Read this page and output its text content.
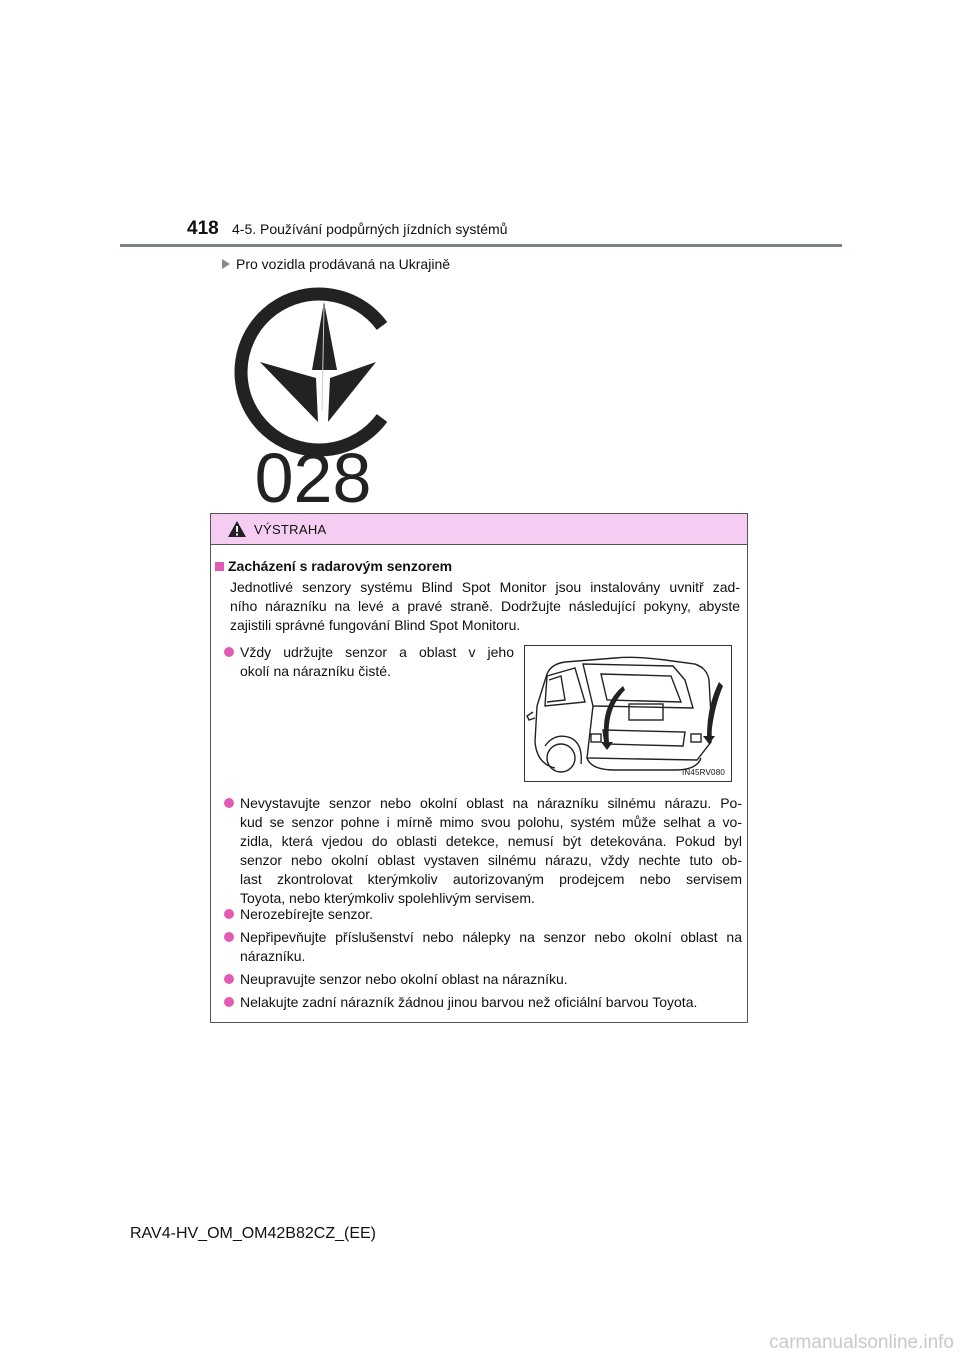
418 4-5. Používání podpůrných jízdních systémů
Pro vozidla prodávaná na Ukrajině
028
VÝSTRAHA
Zacházení s radarovým senzorem

Jednotlivé senzory systému Blind Spot Monitor jsou instalovány uvnitř zad-
ního nárazníku na levé a pravé straně. Dodržujte následující pokyny, abyste
zajistili správné fungování Blind Spot Monitoru.

Vždy udržujte senzor a oblast v jeho
okolí na nárazníku čisté.
IN45RV080
Nevystavujte senzor nebo okolní oblast na nárazníku silnému nárazu. Po-
kud se senzor pohne i mírně mimo svou polohu, systém může selhat a vo-
zidla, která vjedou do oblasti detekce, nemusí být detekována. Pokud byl
senzor nebo okolní oblast vystaven silnému nárazu, vždy nechte tuto ob-
last zkontrolovat kterýmkoliv autorizovaným prodejcem nebo servisem
Toyota, nebo kterýmkoliv spolehlivým servisem.
Nerozebírejte senzor.
Nepřipevňujte příslušenství nebo nálepky na senzor nebo okolní oblast na
nárazníku.
Neupravujte senzor nebo okolní oblast na nárazníku.
Nelakujte zadní nárazník žádnou jinou barvou než oficiální barvou Toyota.
RAV4-HV_OM_OM42B82CZ_(EE)
carmanualsonline.info
